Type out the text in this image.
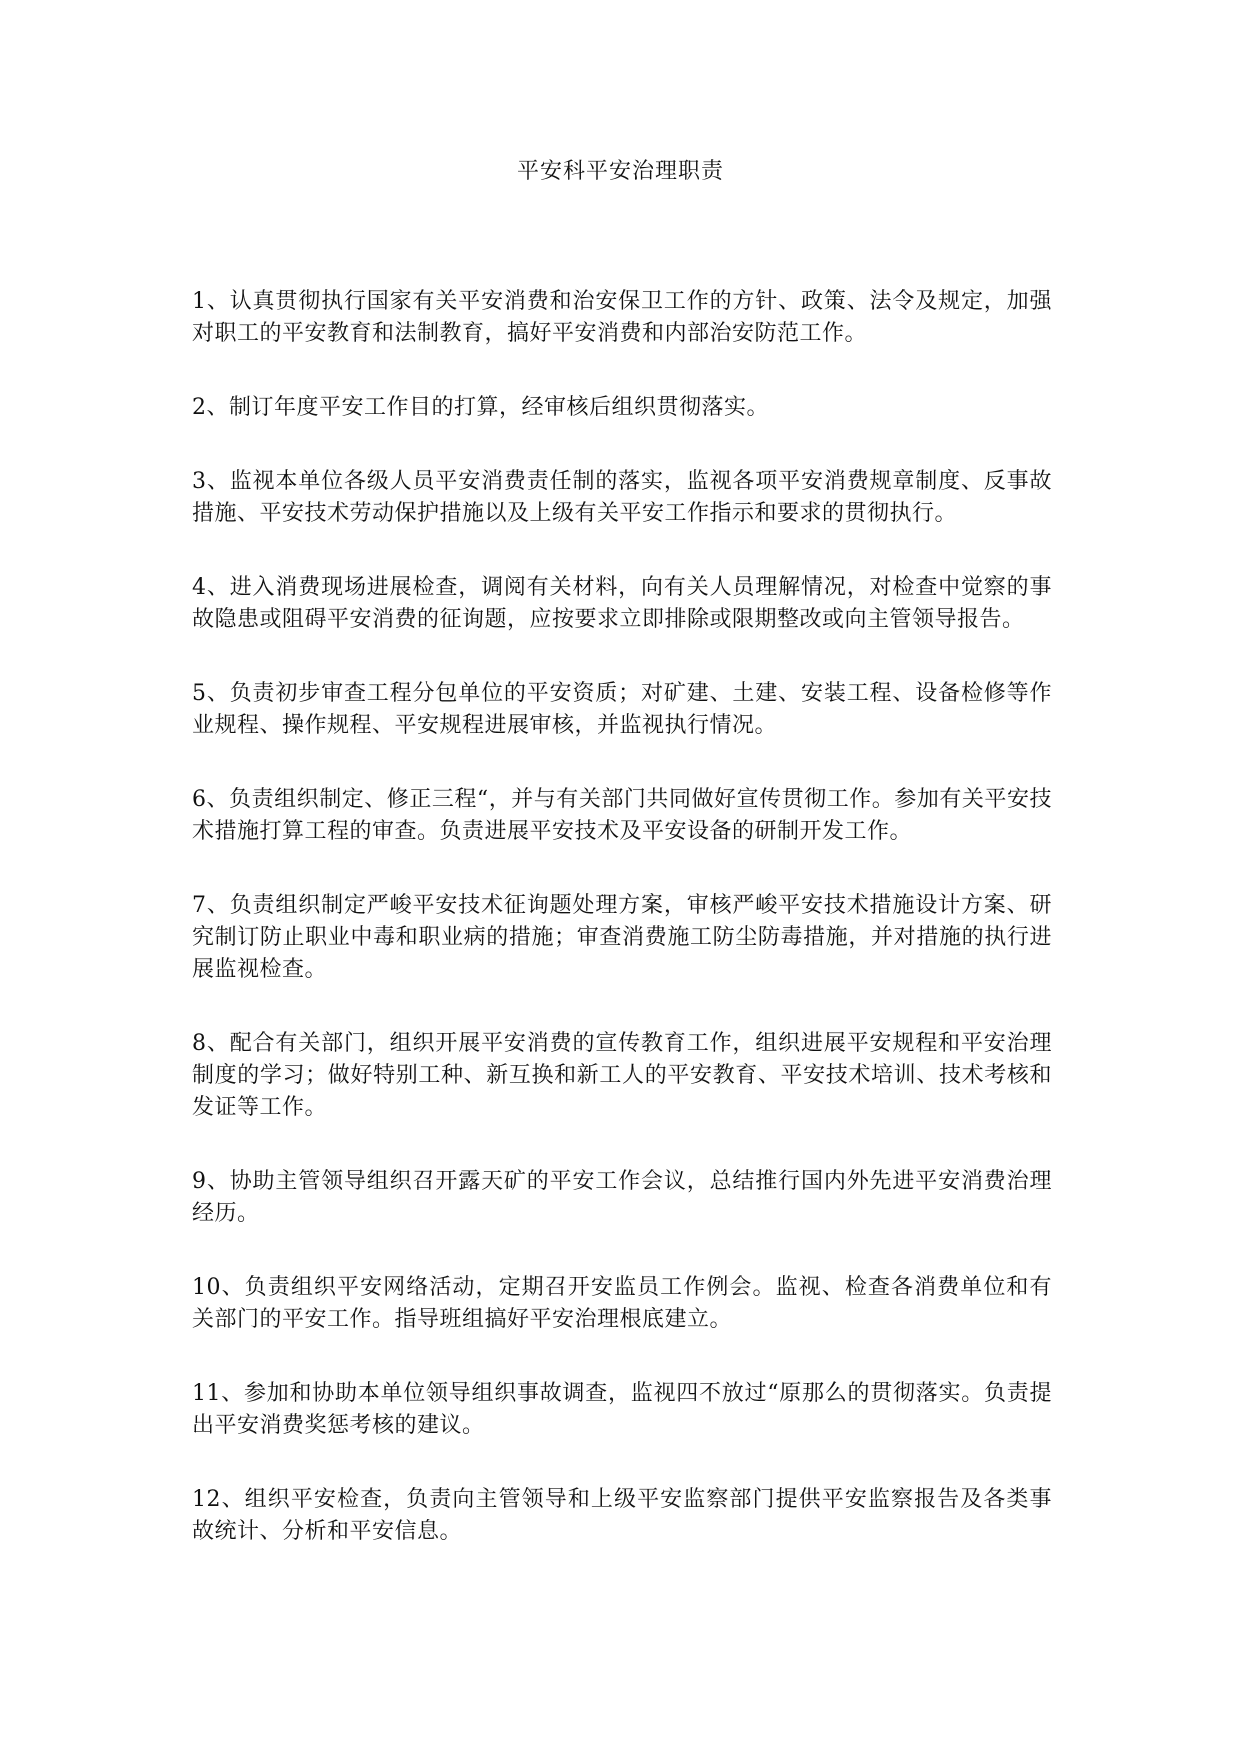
平安科平安治理职责
1、认真贯彻执行国家有关平安消费和治安保卫工作的方针、政策、法令及规定，加强对职工的平安教育和法制教育，搞好平安消费和内部治安防范工作。
2、制订年度平安工作目的打算，经审核后组织贯彻落实。
3、监视本单位各级人员平安消费责任制的落实，监视各项平安消费规章制度、反事故措施、平安技术劳动保护措施以及上级有关平安工作指示和要求的贯彻执行。
4、进入消费现场进展检查，调阅有关材料，向有关人员理解情况，对检查中觉察的事故隐患或阻碍平安消费的征询题，应按要求立即排除或限期整改或向主管领导报告。
5、负责初步审查工程分包单位的平安资质；对矿建、土建、安装工程、设备检修等作业规程、操作规程、平安规程进展审核，并监视执行情况。
6、负责组织制定、修正三程“，并与有关部门共同做好宣传贯彻工作。参加有关平安技术措施打算工程的审查。负责进展平安技术及平安设备的研制开发工作。
7、负责组织制定严峻平安技术征询题处理方案，审核严峻平安技术措施设计方案、研究制订防止职业中毒和职业病的措施；审查消费施工防尘防毒措施，并对措施的执行进展监视检查。
8、配合有关部门，组织开展平安消费的宣传教育工作，组织进展平安规程和平安治理制度的学习；做好特别工种、新互换和新工人的平安教育、平安技术培训、技术考核和发证等工作。
9、协助主管领导组织召开露天矿的平安工作会议，总结推行国内外先进平安消费治理经历。
10、负责组织平安网络活动，定期召开安监员工作例会。监视、检查各消费单位和有关部门的平安工作。指导班组搞好平安治理根底建立。
11、参加和协助本单位领导组织事故调查，监视四不放过“原那么的贯彻落实。负责提出平安消费奖惩考核的建议。
12、组织平安检查，负责向主管领导和上级平安监察部门提供平安监察报告及各类事故统计、分析和平安信息。
